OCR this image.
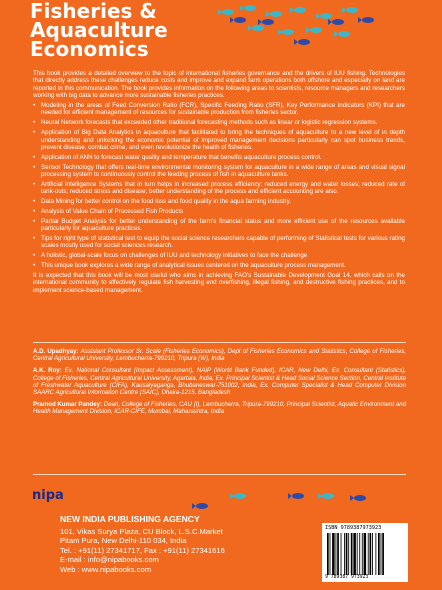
Fisheries &
Aquaculture
Economics

This book provides a detailed overview to the topic of international fisheries governance and the drivers of IUU fishing. Technologies that directly address these challenges reduce costs and improve and expand farm operations both offshore and especially on land are reported in this communication. The book provides information on the following areas to scientists, resource managers and researchers working with big data to advance more sustainable fisheries practices.

• Modeling in the areas of Feed Conversion Ratio (FCR), Specific Feeding Ratio (SFR), Key Performance Indicators (KPI) that are needed for efficient management of resources for sustainable production from fisheries sector.
• Neural Network forecasts that exceeded other traditional forecasting methods such as linear or logistic regression systems.
• Application of Big Data Analytics in aquaculture that facilitated to bring the techniques of aquaculture to a new level of in depth understanding and unlocking the economic potential of improved management decisions particularly can spot business trends, prevent disease, combat crime, and even revolutionize the health of fisheries.
• Application of ANN to forecast water quality and temperature that benefits aquaculture process control.
• Sensor Technology that offers real-time environmental monitoring system for aquaculture in a wide range of areas and visual signal processing system to continuously control the feeding process of fish in aquaculture tanks.
• Artificial Intelligence Systems that in turn helps in increased process efficiency; reduced energy and water losses; reduced rate of tank-outs; reduced stress and disease; better understanding of the process and efficient accounting are also.
• Data Mining for better control on the food loss and food quality in the aqua farming industry.
• Analysis of Value Chain of Processed Fish Products
• Partial Budget Analysis for better understanding of the farm's financial status and more efficient use of the resources available particularly for aquaculture practices.
• Tips for right type of statistical test to equip the social science researchers capable of performing of Statistical tests for various rating scales mostly used for social sciences research.
• A holistic, global-scale focus on challenges of IUU and technology initiatives to face the challenge
• This unique book explores a wide range of analytical issues centered on the aquaculture process management.

It is expected that this book will be most useful who aims in achieving FAO's Sustainable Development Goal 14, which calls on the international community to effectively regulate fish harvesting end overfishing, illegal fishing, and destructive fishing practices, and to implement science-based management.

A.D. Upadhyay: Assistant Professor Sr. Scale (Fisheries Economics), Dept of Fisheries Economics and Statistics, College of Fisheries, Central Agricultural University, Lembucherra-799210, Tripura (W), India

A.K. Roy: Ex. National Consultant (Impact Assessment), NAIP (World Bank Funded), ICAR, New Delhi, Ex. Consultant (Statistics), College of Fisheries, Central Agricultural University, Agartala, India, Ex. Principal Scientist & Head Social Science Section, Central Institute of Freshwater Aquaculture (CIFA), Kausalyaganga, Bhubaneswar-751002, India, Ex. Computer Specialist & Head Computer Division SAARC Agricultural Information Centre (SAIC), Dhaka-1215, Bangladesh

Pramod Kumar Pandey: Dean, College of Fisheries, CAU (I), Lembucherra, Tripura-799210, Principal Scientist, Aquatic Environment and Health Management Division, ICAR-CIFE, Mumbai, Maharashtra, India

nipa
NEW INDIA PUBLISHING AGENCY
101, Vikas Surya Plaza, CU Block, L.S.C.Market
Pitam Pura, New Delhi-110 034, India
Tel. : +91(11) 27341717, Fax : +91(11) 27341616
E-mail : info@nipabooks.com
Web : www.nipabooks.com
ISBN 9789387973923
9 789387 973923
